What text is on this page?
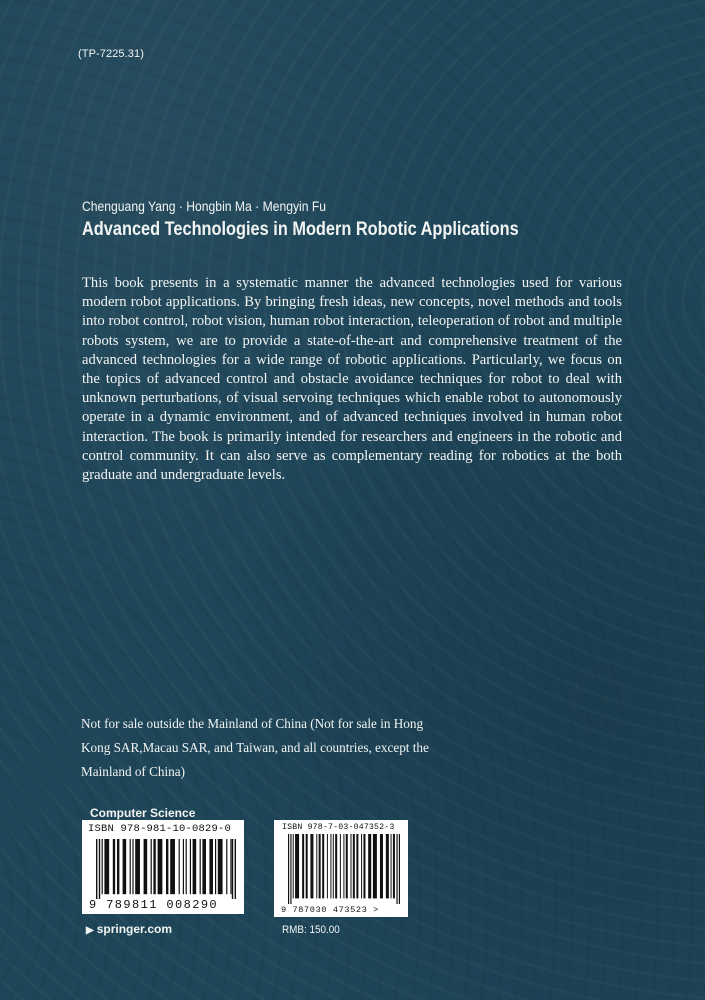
(TP-7225.31)
Chenguang Yang · Hongbin Ma · Mengyin Fu
Advanced Technologies in Modern Robotic Applications
This book presents in a systematic manner the advanced technologies used for various modern robot applications. By bringing fresh ideas, new concepts, novel methods and tools into robot control, robot vision, human robot interaction, teleoperation of robot and multiple robots system, we are to provide a state-of-the-art and comprehensive treatment of the advanced technologies for a wide range of robotic applications. Particularly, we focus on the topics of advanced control and obstacle avoidance techniques for robot to deal with unknown perturbations, of visual servoing techniques which enable robot to autonomously operate in a dynamic environment, and of advanced techniques involved in human robot interaction. The book is primarily intended for researchers and engineers in the robotic and control community. It can also serve as complementary reading for robotics at the both graduate and undergraduate levels.
Not for sale outside the Mainland of China (Not for sale in Hong Kong SAR,Macau SAR, and Taiwan, and all countries, except the Mainland of China)
Computer Science
ISBN 978-981-10-0829-0
9 789811 008290
ISBN 978-7-03-047352-3
9 787030 473523 >
▶ springer.com	RMB: 150.00
